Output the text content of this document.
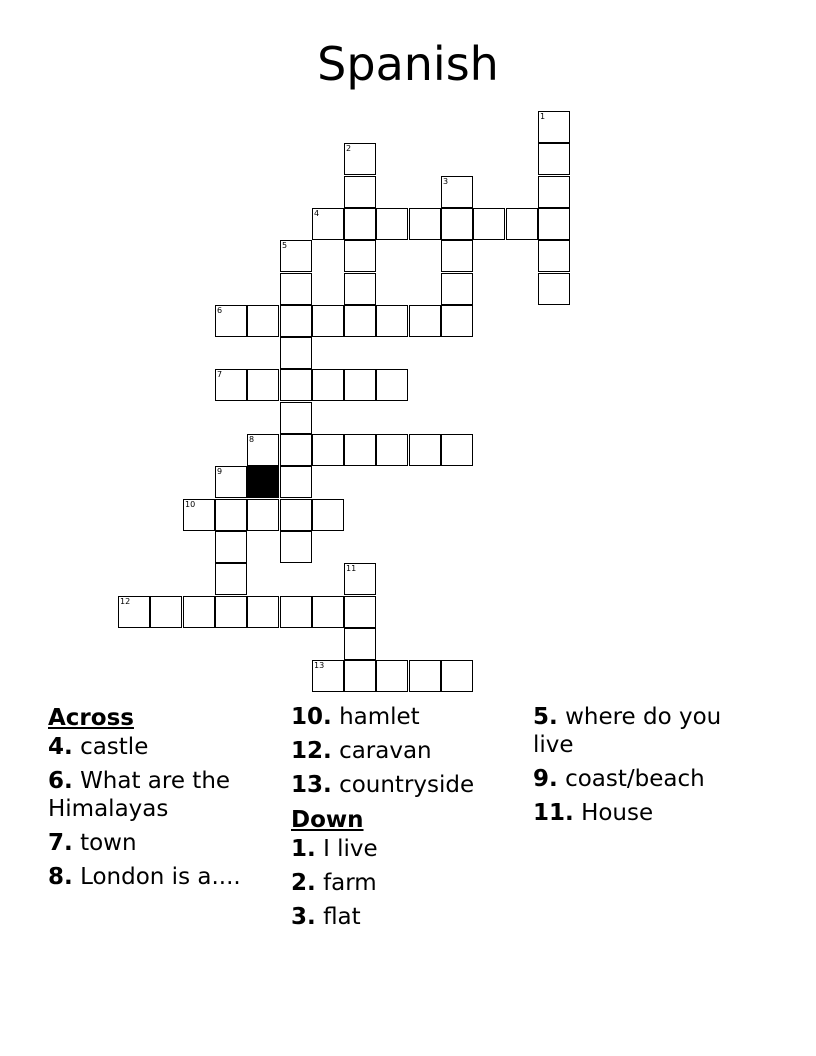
Spanish
1
2
3
4
5
6
7
8
9
10
11
12
13
Across
4. castle
6. What are the Himalayas
7. town
8. London is a....
10. hamlet
12. caravan
13. countryside
Down
1. I live
2. farm
3. flat
5. where do you live
9. coast/beach
11. House
